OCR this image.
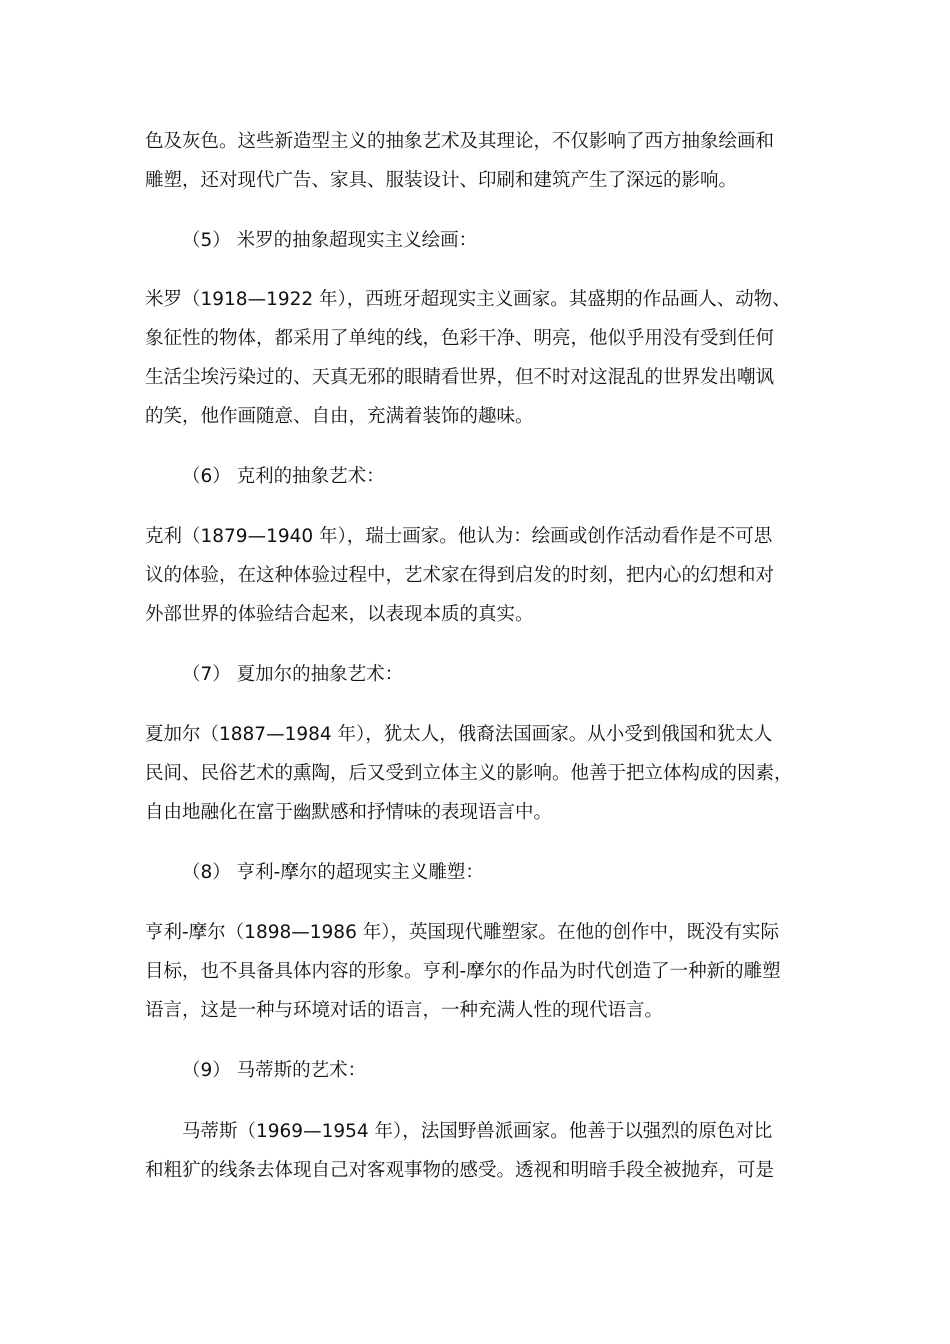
色及灰色。这些新造型主义的抽象艺术及其理论，不仅影响了西方抽象绘画和
雕塑，还对现代广告、家具、服装设计、印刷和建筑产生了深远的影响。
（5） 米罗的抽象超现实主义绘画：
米罗（1918—1922 年），西班牙超现实主义画家。其盛期的作品画人、动物、
象征性的物体，都采用了单纯的线，色彩干净、明亮，他似乎用没有受到任何
生活尘埃污染过的、天真无邪的眼睛看世界，但不时对这混乱的世界发出嘲讽
的笑，他作画随意、自由，充满着装饰的趣味。
（6） 克利的抽象艺术：
克利（1879—1940 年），瑞士画家。他认为：绘画或创作活动看作是不可思
议的体验，在这种体验过程中，艺术家在得到启发的时刻，把内心的幻想和对
外部世界的体验结合起来，以表现本质的真实。
（7） 夏加尔的抽象艺术：
夏加尔（1887—1984 年），犹太人，俄裔法国画家。从小受到俄国和犹太人
民间、民俗艺术的熏陶，后又受到立体主义的影响。他善于把立体构成的因素，
自由地融化在富于幽默感和抒情味的表现语言中。
（8） 亨利-摩尔的超现实主义雕塑：
亨利-摩尔（1898—1986 年），英国现代雕塑家。在他的创作中，既没有实际
目标，也不具备具体内容的形象。亨利-摩尔的作品为时代创造了一种新的雕塑
语言，这是一种与环境对话的语言，一种充满人性的现代语言。
（9） 马蒂斯的艺术：
马蒂斯（1969—1954 年），法国野兽派画家。他善于以强烈的原色对比
和粗犷的线条去体现自己对客观事物的感受。透视和明暗手段全被抛弃，可是
